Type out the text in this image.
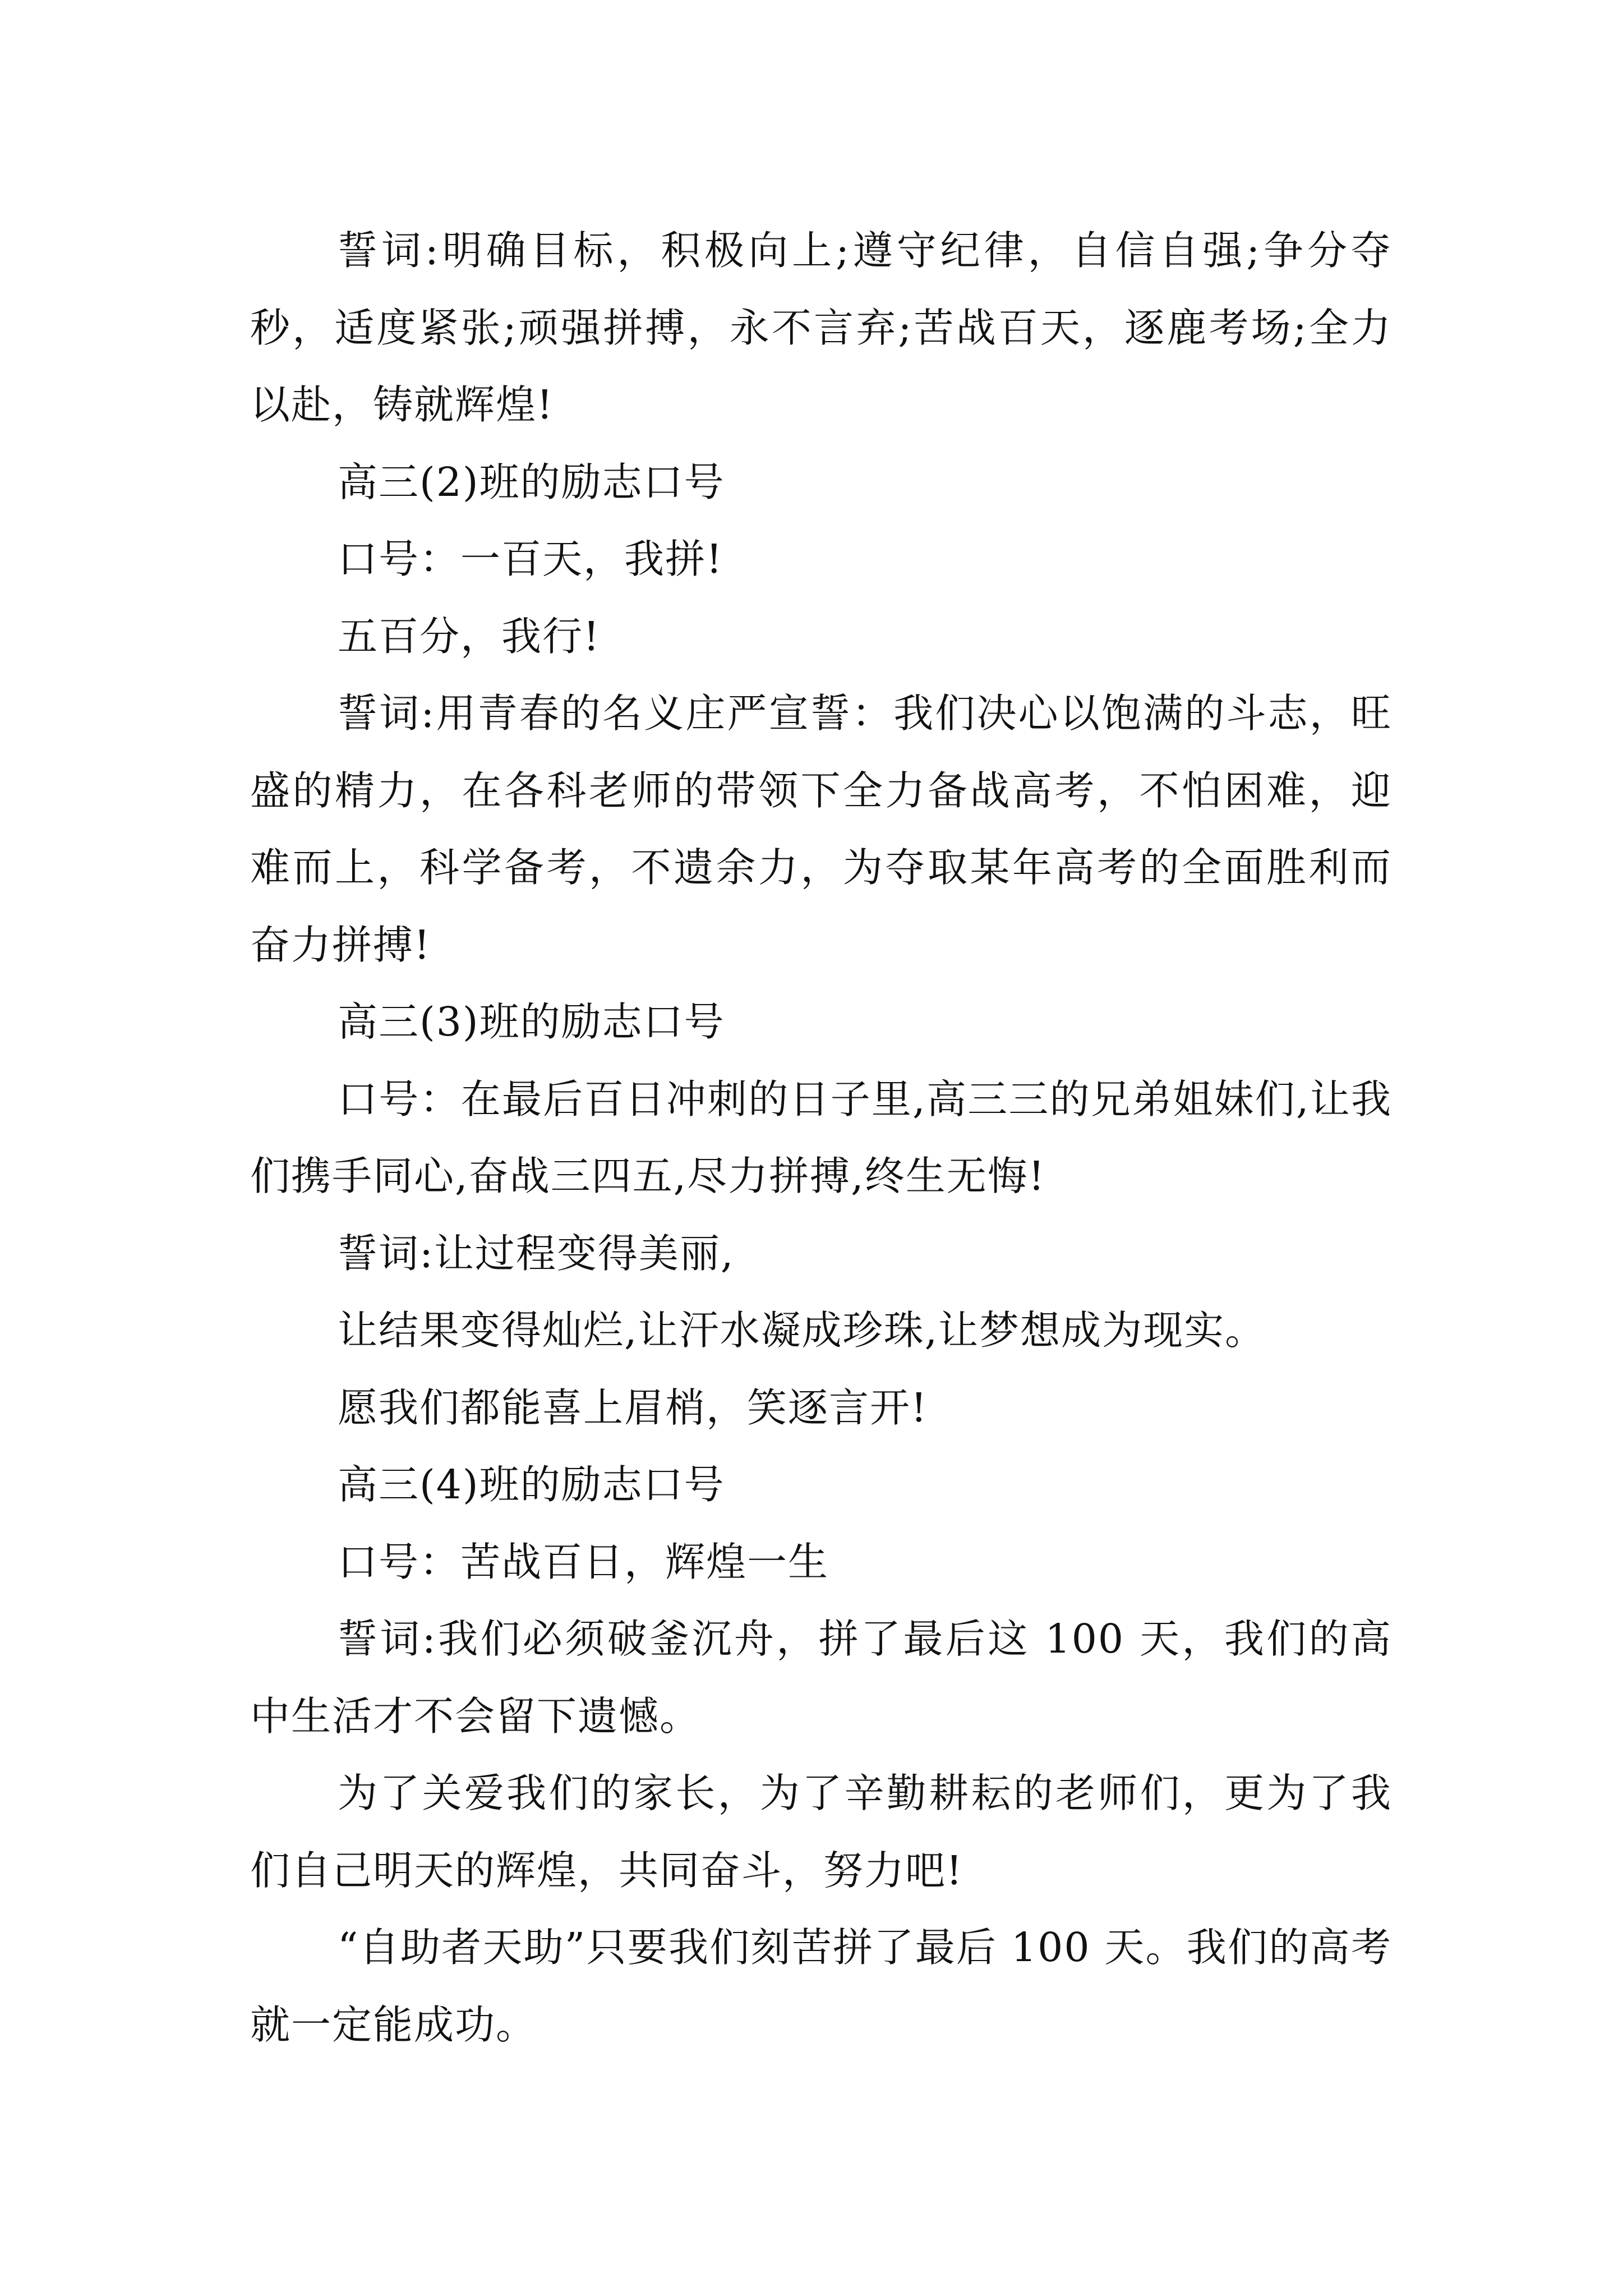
誓词:明确目标，积极向上;遵守纪律，自信自强;争分夺秒，适度紧张;顽强拼搏，永不言弃;苦战百天，逐鹿考场;全力以赴，铸就辉煌!

高三(2)班的励志口号

口号：一百天，我拼!

五百分，我行!

誓词:用青春的名义庄严宣誓：我们决心以饱满的斗志，旺盛的精力，在各科老师的带领下全力备战高考，不怕困难，迎难而上，科学备考，不遗余力，为夺取某年高考的全面胜利而奋力拼搏!

高三(3)班的励志口号

口号：在最后百日冲刺的日子里,高三三的兄弟姐妹们,让我们携手同心,奋战三四五,尽力拼搏,终生无悔!

誓词:让过程变得美丽,

让结果变得灿烂,让汗水凝成珍珠,让梦想成为现实。

愿我们都能喜上眉梢，笑逐言开!

高三(4)班的励志口号

口号：苦战百日，辉煌一生

誓词:我们必须破釜沉舟，拼了最后这 100 天，我们的高中生活才不会留下遗憾。

为了关爱我们的家长，为了辛勤耕耘的老师们，更为了我们自己明天的辉煌，共同奋斗，努力吧!

“自助者天助”只要我们刻苦拼了最后 100 天。我们的高考就一定能成功。
